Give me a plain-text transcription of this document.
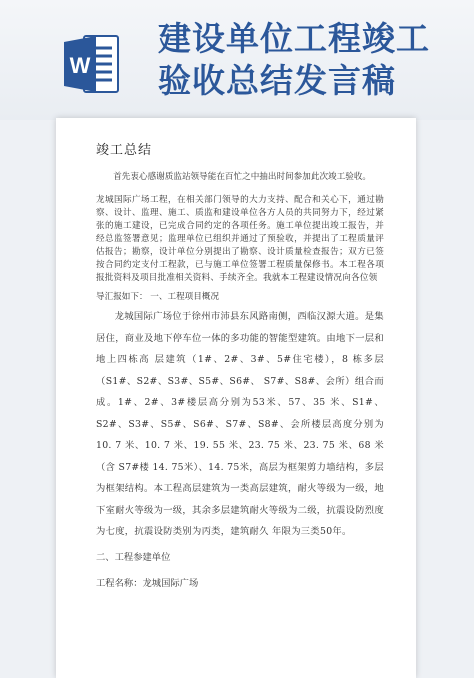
W
建设单位工程竣工验收总结发言稿
竣工总结

首先衷心感谢质监站领导能在百忙之中抽出时间参加此次竣工验收。

龙城国际广场工程，在相关部门领导的大力支持、配合和关心下，通过勘察、设计、监理、施工、质监和建设单位各方人员的共同努力下，经过紧张的施工建设，已完成合同约定的各项任务。施工单位提出竣工报告，并经总监签署意见；监理单位已组织并通过了预验收，并提出了工程质量评估报告；勘察，设计单位分别提出了勘察、设计质量检查报告；双方已签 按合同约定支付工程款，已与施工单位签署工程质量保修书。本工程各项 报批资料及项目批准相关资料、手续齐全。我就本工程建设情况向各位领

导汇报如下： 一、工程项目概况

龙城国际广场位于徐州市沛县东风路南侧，西临汉源大道。是集居住，商业及地下停车位一体的多功能的智能型建筑。由地下一层和地上四栋高 层建筑（1#、2#、3#、5#住宅楼），8 栋多层（S1#、S2#、S3#、S5#、S6#、 S7#、S8#、会所）组合而成。1#、2#、3#楼层高分别为53米、57、35 米、S1#、S2#、S3#、S5#、S6#、S7#、S8#、会所楼层高度分别为 10. 7 米、10. 7 米、19. 55 米、23. 75 米、23. 75 米、68 米（含 S7#楼 14. 75米）、14. 75米，高层为框架剪力墙结构，多层为框架结构。本工程高层建筑为一类高层建筑，耐火等级为一级，地下室耐火等级为一级，其余多层建筑耐火等级为二级，抗震设防烈度为七度，抗震设防类别为丙类，建筑耐久 年限为三类50年。

二、工程参建单位

工程名称：龙城国际广场
